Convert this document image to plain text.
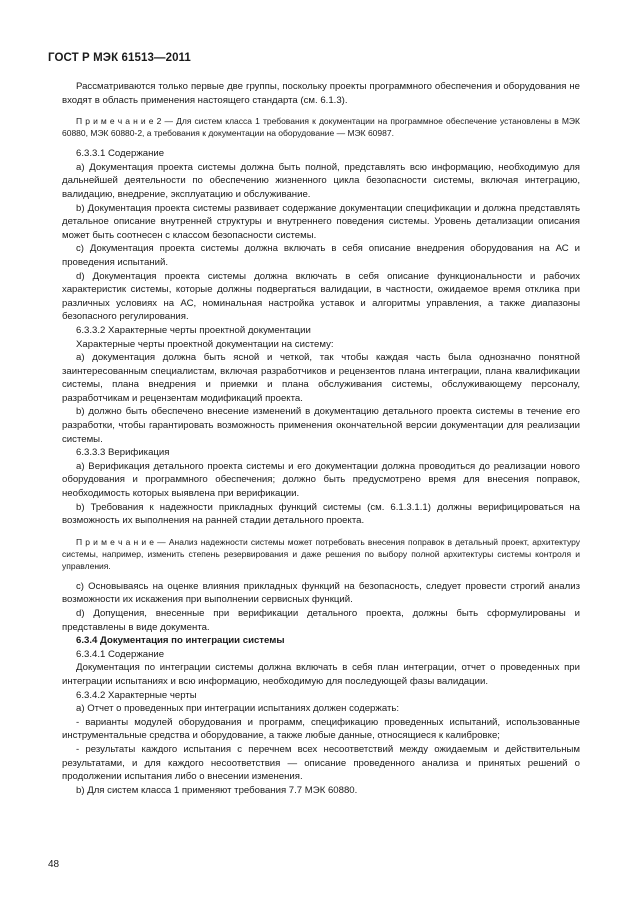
ГОСТ Р МЭК 61513—2011

Рассматриваются только первые две группы, поскольку проекты программного обеспечения и оборудования не входят в область применения настоящего стандарта (см. 6.1.3).

П р и м е ч а н и е 2 — Для систем класса 1 требования к документации на программное обеспечение установлены в МЭК 60880, МЭК 60880-2, а требования к документации на оборудование — МЭК 60987.

6.3.3.1 Содержание

а) Документация проекта системы должна быть полной, представлять всю информацию, необходимую для дальнейшей деятельности по обеспечению жизненного цикла безопасности системы, включая интеграцию, валидацию, внедрение, эксплуатацию и обслуживание.

b) Документация проекта системы развивает содержание документации спецификации и должна представлять детальное описание внутренней структуры и внутреннего поведения системы. Уровень детализации описания может быть соотнесен с классом безопасности системы.

с) Документация проекта системы должна включать в себя описание внедрения оборудования на АС и проведения испытаний.

d) Документация проекта системы должна включать в себя описание функциональности и рабочих характеристик системы, которые должны подвергаться валидации, в частности, ожидаемое время отклика при различных условиях на АС, номинальная настройка уставок и алгоритмы управления, а также диапазоны безопасного регулирования.

6.3.3.2 Характерные черты проектной документации

Характерные черты проектной документации на систему:

а) документация должна быть ясной и четкой, так чтобы каждая часть была однозначно понятной заинтересованным специалистам, включая разработчиков и рецензентов плана интеграции, плана квалификации системы, плана внедрения и приемки и плана обслуживания системы, обслуживающему персоналу, разработчикам и рецензентам модификаций проекта.

b) должно быть обеспечено внесение изменений в документацию детального проекта системы в течение его разработки, чтобы гарантировать возможность применения окончательной версии документации для реализации системы.

6.3.3.3 Верификация

а) Верификация детального проекта системы и его документации должна проводиться до реализации нового оборудования и программного обеспечения; должно быть предусмотрено время для внесения поправок, необходимость которых выявлена при верификации.

b) Требования к надежности прикладных функций системы (см. 6.1.3.1.1) должны верифицироваться на возможность их выполнения на ранней стадии детального проекта.

П р и м е ч а н и е — Анализ надежности системы может потребовать внесения поправок в детальный проект, архитектуру системы, например, изменить степень резервирования и даже решения по выбору полной архитектуры системы контроля и управления.

с) Основываясь на оценке влияния прикладных функций на безопасность, следует провести строгий анализ возможности их искажения при выполнении сервисных функций.

d) Допущения, внесенные при верификации детального проекта, должны быть сформулированы и представлены в виде документа.

6.3.4 Документация по интеграции системы

6.3.4.1 Содержание

Документация по интеграции системы должна включать в себя план интеграции, отчет о проведенных при интеграции испытаниях и всю информацию, необходимую для последующей фазы валидации.

6.3.4.2 Характерные черты

а) Отчет о проведенных при интеграции испытаниях должен содержать:

- варианты модулей оборудования и программ, спецификацию проведенных испытаний, использованные инструментальные средства и оборудование, а также любые данные, относящиеся к калибровке;

- результаты каждого испытания с перечнем всех несоответствий между ожидаемым и действительным результатами, и для каждого несоответствия — описание проведенного анализа и принятых решений о продолжении испытания либо о внесении изменения.

b) Для систем класса 1 применяют требования 7.7 МЭК 60880.

48
